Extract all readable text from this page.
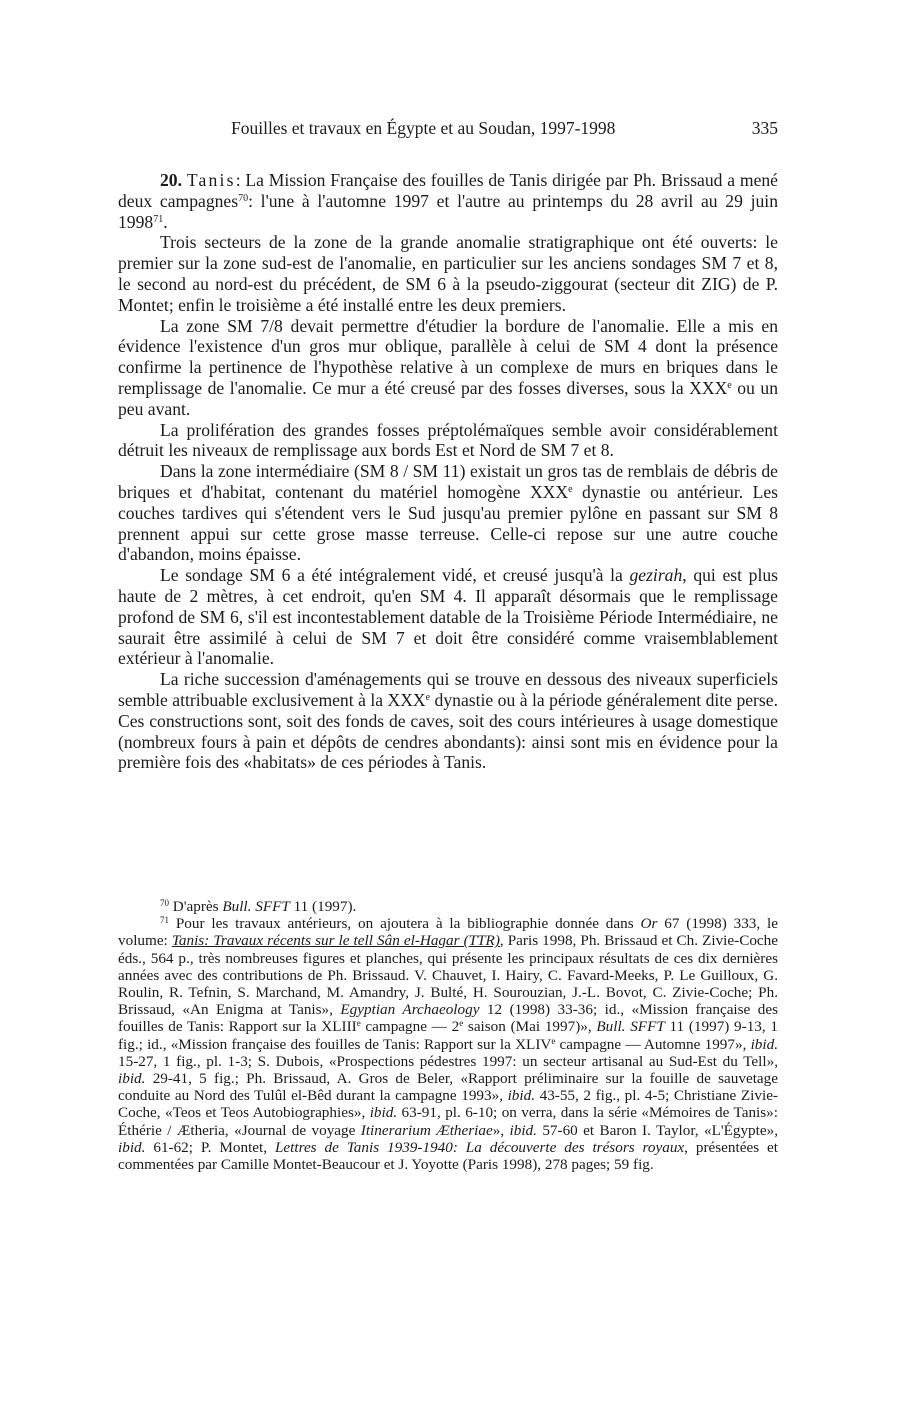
Fouilles et travaux en Égypte et au Soudan, 1997-1998	335

20. Tanis: La Mission Française des fouilles de Tanis dirigée par Ph. Brissaud a mené deux campagnes$^{70}$: l'une à l'automne 1997 et l'autre au printemps du 28 avril au 29 juin 1998$^{71}$.

Trois secteurs de la zone de la grande anomalie stratigraphique ont été ouverts: le premier sur la zone sud-est de l'anomalie, en particulier sur les anciens sondages SM 7 et 8, le second au nord-est du précédent, de SM 6 à la pseudo-ziggourat (secteur dit ZIG) de P. Montet; enfin le troisième a été installé entre les deux premiers.

La zone SM 7/8 devait permettre d'étudier la bordure de l'anomalie. Elle a mis en évidence l'existence d'un gros mur oblique, parallèle à celui de SM 4 dont la présence confirme la pertinence de l'hypothèse relative à un complexe de murs en briques dans le remplissage de l'anomalie. Ce mur a été creusé par des fosses diverses, sous la XXXe ou un peu avant.

La prolifération des grandes fosses préptolémaïques semble avoir considérablement détruit les niveaux de remplissage aux bords Est et Nord de SM 7 et 8.

Dans la zone intermédiaire (SM 8 / SM 11) existait un gros tas de remblais de débris de briques et d'habitat, contenant du matériel homogène XXXe dynastie ou antérieur. Les couches tardives qui s'étendent vers le Sud jusqu'au premier pylône en passant sur SM 8 prennent appui sur cette grose masse terreuse. Celle-ci repose sur une autre couche d'abandon, moins épaisse.

Le sondage SM 6 a été intégralement vidé, et creusé jusqu'à la gezirah, qui est plus haute de 2 mètres, à cet endroit, qu'en SM 4. Il apparaît désormais que le remplissage profond de SM 6, s'il est incontestablement datable de la Troisième Période Intermédiaire, ne saurait être assimilé à celui de SM 7 et doit être considéré comme vraisemblablement extérieur à l'anomalie.

La riche succession d'aménagements qui se trouve en dessous des niveaux superficiels semble attribuable exclusivement à la XXXe dynastie ou à la période généralement dite perse. Ces constructions sont, soit des fonds de caves, soit des cours intérieures à usage domestique (nombreux fours à pain et dépôts de cendres abondants): ainsi sont mis en évidence pour la première fois des «habitats» de ces périodes à Tanis.

$^{70}$ D'après Bull. SFFT 11 (1997).

$^{71}$ Pour les travaux antérieurs, on ajoutera à la bibliographie donnée dans Or 67 (1998) 333, le volume: Tanis: Travaux récents sur le tell Sân el-Hagar (TTR), Paris 1998, Ph. Brissaud et Ch. Zivie-Coche éds., 564 p., très nombreuses figures et planches, qui présente les principaux résultats de ces dix dernières années avec des contributions de Ph. Brissaud. V. Chauvet, I. Hairy, C. Favard-Meeks, P. Le Guilloux, G. Roulin, R. Tefnin, S. Marchand, M. Amandry, J. Bulté, H. Sourouzian, J.-L. Bovot, C. Zivie-Coche; Ph. Brissaud, «An Enigma at Tanis», Egyptian Archaeology 12 (1998) 33-36; id., «Mission française des fouilles de Tanis: Rapport sur la XLIIIe campagne — 2e saison (Mai 1997)», Bull. SFFT 11 (1997) 9-13, 1 fig.; id., «Mission française des fouilles de Tanis: Rapport sur la XLIVe campagne — Automne 1997», ibid. 15-27, 1 fig., pl. 1-3; S. Dubois, «Prospections pédestres 1997: un secteur artisanal au Sud-Est du Tell», ibid. 29-41, 5 fig.; Ph. Brissaud, A. Gros de Beler, «Rapport préliminaire sur la fouille de sauvetage conduite au Nord des Tulûl el-Bêd durant la campagne 1993», ibid. 43-55, 2 fig., pl. 4-5; Christiane Zivie-Coche, «Teos et Teos Autobiographies», ibid. 63-91, pl. 6-10; on verra, dans la série «Mémoires de Tanis»: Éthérie / Ætheria, «Journal de voyage Itinerarium Ætheriae», ibid. 57-60 et Baron I. Taylor, «L'Égypte», ibid. 61-62; P. Montet, Lettres de Tanis 1939-1940: La découverte des trésors royaux, présentées et commentées par Camille Montet-Beaucour et J. Yoyotte (Paris 1998), 278 pages; 59 fig.
